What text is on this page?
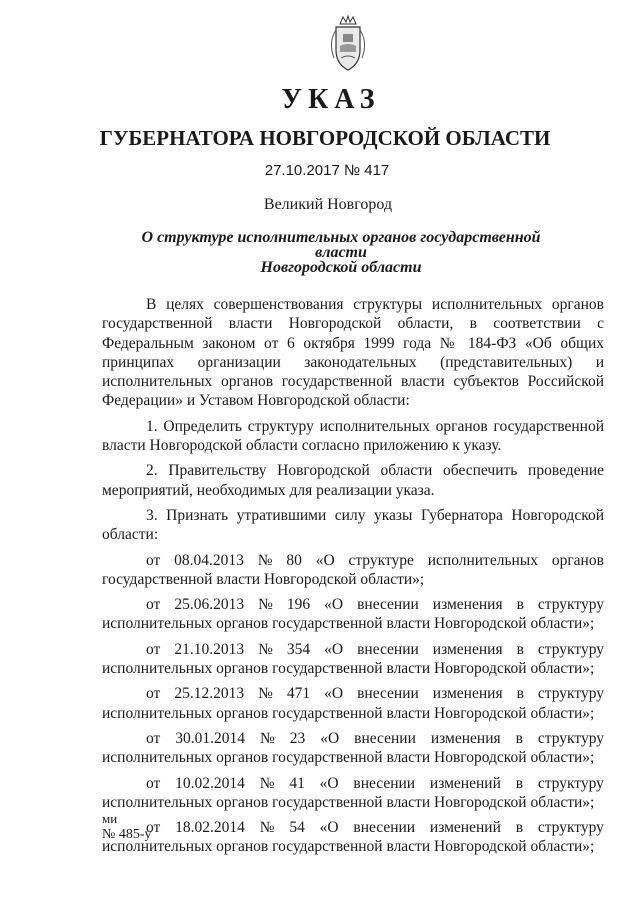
УКАЗ
ГУБЕРНАТОРА НОВГОРОДСКОЙ ОБЛАСТИ
27.10.2017 № 417
Великий Новгород
О структуре исполнительных органов государственной власти
Новгородской области

В целях совершенствования структуры исполнительных органов государственной власти Новгородской области, в соответствии с Федеральным законом от 6 октября 1999 года № 184-ФЗ «Об общих принципах организации законодательных (представительных) и исполнительных органов государственной власти субъектов Российской Федерации» и Уставом Новгородской области:

1. Определить структуру исполнительных органов государственной власти Новгородской области согласно приложению к указу.

2. Правительству Новгородской области обеспечить проведение мероприятий, необходимых для реализации указа.

3. Признать утратившими силу указы Губернатора Новгородской области:

от 08.04.2013 № 80 «О структуре исполнительных органов

государственной власти Новгородской области»;

от 25.06.2013 № 196 «О внесении изменения в структуру

исполнительных органов государственной власти Новгородской области»;

от 21.10.2013 № 354 «О внесении изменения в структуру

исполнительных органов государственной власти Новгородской области»;

от 25.12.2013 № 471 «О внесении изменения в структуру

исполнительных органов государственной власти Новгородской области»;

от 30.01.2014 № 23 «О внесении изменения в структуру

исполнительных органов государственной власти Новгородской области»;

от 10.02.2014 № 41 «О внесении изменений в структуру

исполнительных органов государственной власти Новгородской области»;

от 18.02.2014 № 54 «О внесении изменений в структуру

исполнительных органов государственной власти Новгородской области»;

ми
№ 485-у
